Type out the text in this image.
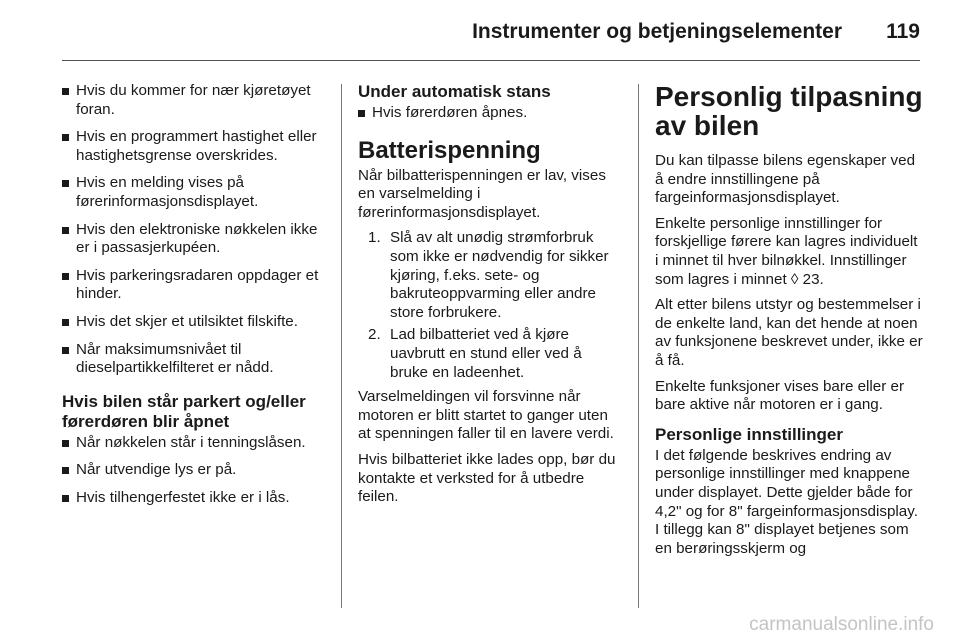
Instrumenter og betjeningselementer 119
Hvis du kommer for nær kjøretøyet foran.
Hvis en programmert hastighet eller hastighetsgrense overskrides.
Hvis en melding vises på førerinformasjonsdisplayet.
Hvis den elektroniske nøkkelen ikke er i passasjerkupéen.
Hvis parkeringsradaren oppdager et hinder.
Hvis det skjer et utilsiktet filskifte.
Når maksimumsnivået til dieselpartikkelfilteret er nådd.
Hvis bilen står parkert og/eller førerdøren blir åpnet
Når nøkkelen står i tenningslåsen.
Når utvendige lys er på.
Hvis tilhengerfestet ikke er i lås.
Under automatisk stans
Hvis førerdøren åpnes.
Batterispenning

Når bilbatterispenningen er lav, vises en varselmelding i førerinformasjonsdisplayet.

1. Slå av alt unødig strømforbruk som ikke er nødvendig for sikker kjøring, f.eks. sete- og bakruteoppvarming eller andre store forbrukere.
2. Lad bilbatteriet ved å kjøre uavbrutt en stund eller ved å bruke en ladeenhet.

Varselmeldingen vil forsvinne når motoren er blitt startet to ganger uten at spenningen faller til en lavere verdi.

Hvis bilbatteriet ikke lades opp, bør du kontakte et verksted for å utbedre feilen.

Personlig tilpasning av bilen

Du kan tilpasse bilens egenskaper ved å endre innstillingene på fargeinformasjonsdisplayet.

Enkelte personlige innstillinger for forskjellige førere kan lagres individuelt i minnet til hver bilnøkkel. Innstillinger som lagres i minnet ◊ 23.

Alt etter bilens utstyr og bestemmelser i de enkelte land, kan det hende at noen av funksjonene beskrevet under, ikke er å få.

Enkelte funksjoner vises bare eller er bare aktive når motoren er i gang.

Personlige innstillinger

I det følgende beskrives endring av personlige innstillinger med knappene under displayet. Dette gjelder både for 4,2" og for 8" fargeinformasjonsdisplay. I tillegg kan 8" displayet betjenes som en berøringsskjerm og

carmanualsonline.info
